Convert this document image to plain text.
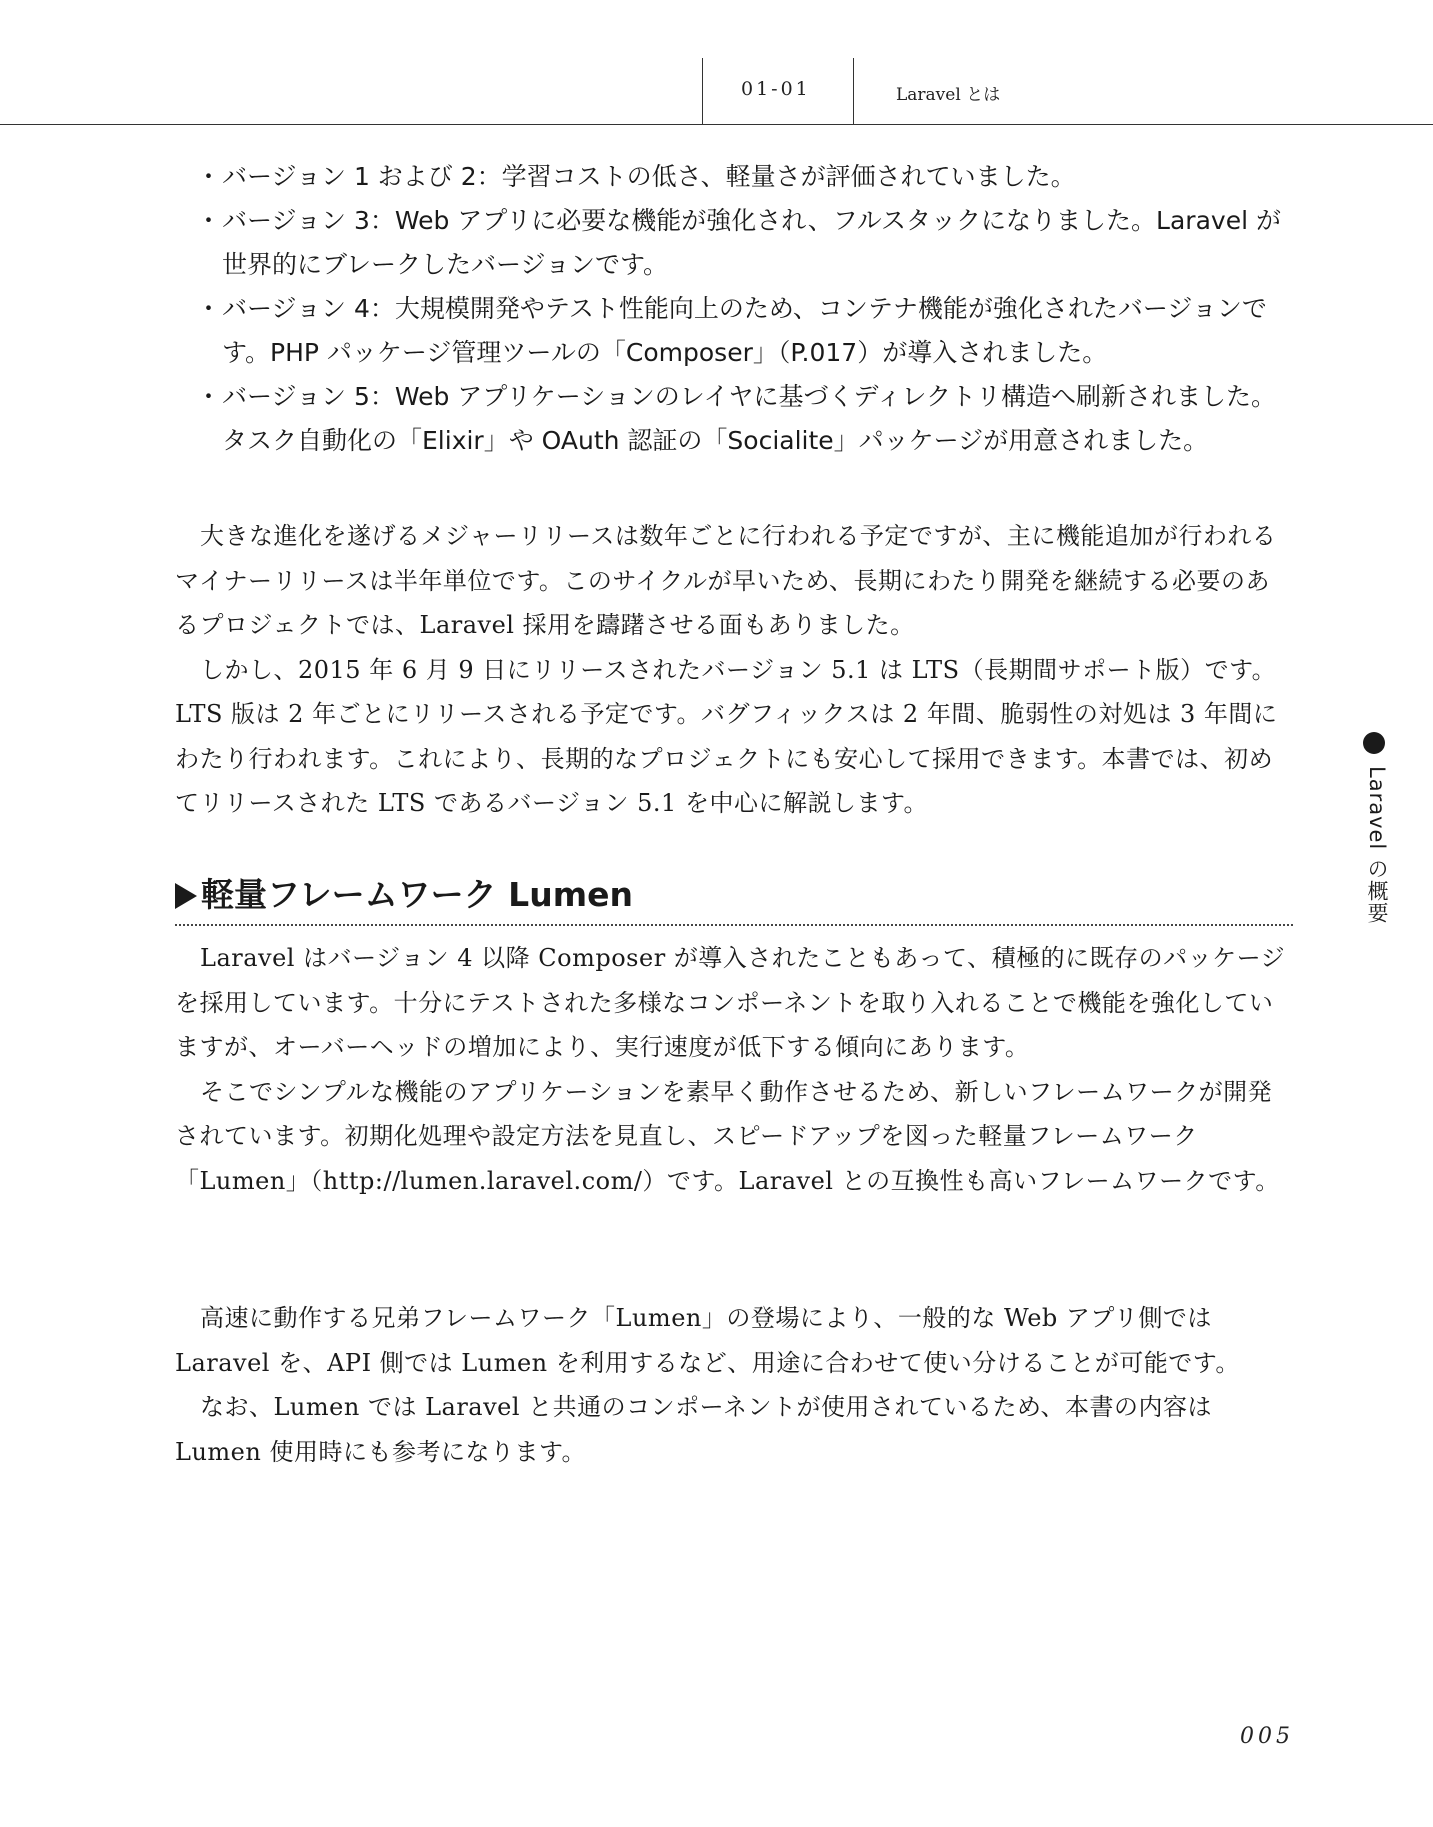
01-01	Laravel とは
・ バージョン 1 および 2：学習コストの低さ、軽量さが評価されていました。
・ バージョン 3：Web アプリに必要な機能が強化され、フルスタックになりました。Laravel が世界的にブレークしたバージョンです。
・ バージョン 4：大規模開発やテスト性能向上のため、コンテナ機能が強化されたバージョンです。PHP パッケージ管理ツールの「Composer」（P.017）が導入されました。
・ バージョン 5：Web アプリケーションのレイヤに基づくディレクトリ構造へ刷新されました。タスク自動化の「Elixir」や OAuth 認証の「Socialite」パッケージが用意されました。

大きな進化を遂げるメジャーリリースは数年ごとに行われる予定ですが、主に機能追加が行われるマイナーリリースは半年単位です。このサイクルが早いため、長期にわたり開発を継続する必要のあるプロジェクトでは、Laravel 採用を躊躇させる面もありました。

しかし、2015 年 6 月 9 日にリリースされたバージョン 5.1 は LTS（長期間サポート版）です。LTS 版は 2 年ごとにリリースされる予定です。バグフィックスは 2 年間、脆弱性の対処は 3 年間にわたり行われます。これにより、長期的なプロジェクトにも安心して採用できます。本書では、初めてリリースされた LTS であるバージョン 5.1 を中心に解説します。

軽量フレームワーク Lumen

Laravel はバージョン 4 以降 Composer が導入されたこともあって、積極的に既存のパッケージを採用しています。十分にテストされた多様なコンポーネントを取り入れることで機能を強化していますが、オーバーヘッドの増加により、実行速度が低下する傾向にあります。

そこでシンプルな機能のアプリケーションを素早く動作させるため、新しいフレームワークが開発されています。初期化処理や設定方法を見直し、スピードアップを図った軽量フレームワーク「Lumen」（http://lumen.laravel.com/）です。Laravel との互換性も高いフレームワークです。

高速に動作する兄弟フレームワーク「Lumen」の登場により、一般的な Web アプリ側では Laravel を、API 側では Lumen を利用するなど、用途に合わせて使い分けることが可能です。

なお、Lumen では Laravel と共通のコンポーネントが使用されているため、本書の内容は Lumen 使用時にも参考になります。

Laravel の概要
005
